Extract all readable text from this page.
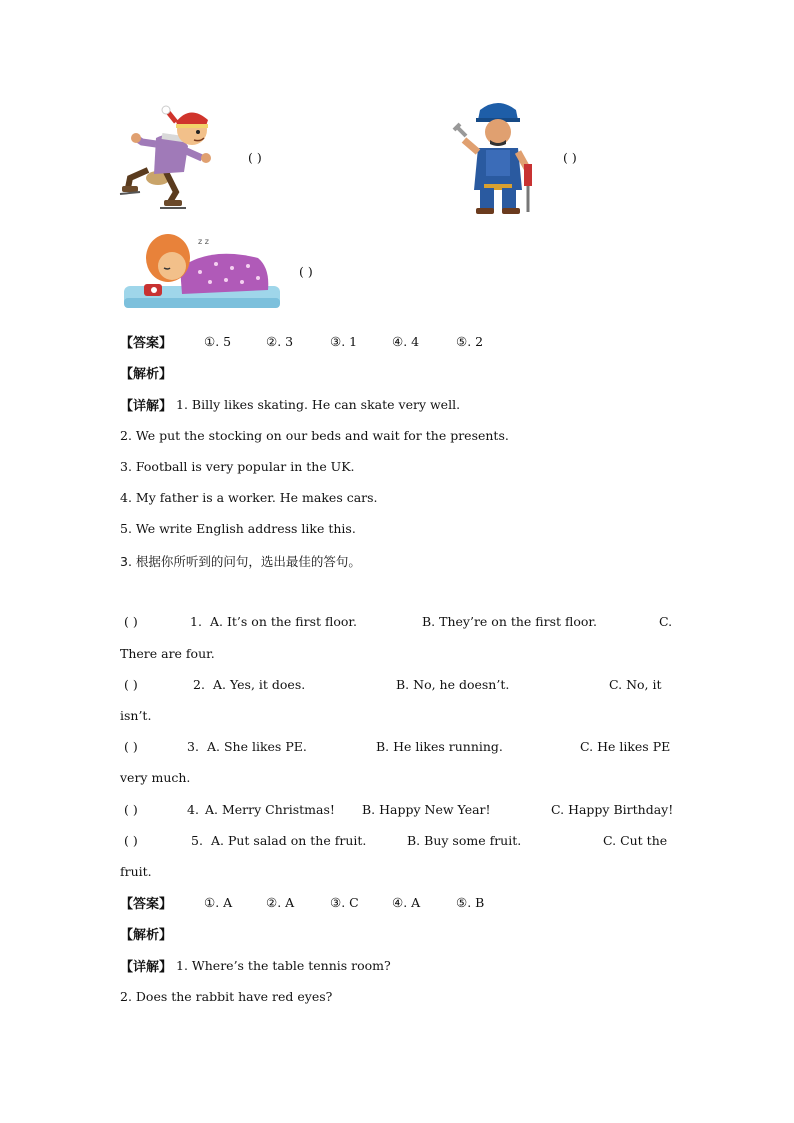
( )	( )
z z
( )
【答案】	①. 5	②. 3	③. 1	④. 4	⑤. 2
【解析】
【详解】 1. Billy likes skating. He can skate very well.
2. We put the stocking on our beds and wait for the presents.
3. Football is very popular in the UK.
4. My father is a worker. He makes cars.
5. We write English address like this.
3. 根据你所听到的问句，选出最佳的答句。
( )	1. A. It’s on the first floor.	B. They’re on the first floor.	C.
There are four.
( )	2. A. Yes, it does.	B. No, he doesn’t.	C. No, it
isn’t.
( )	3. A. She likes PE.	B. He likes running.	C. He likes PE
very much.
( )	4. A. Merry Christmas! B. Happy New Year!	C. Happy Birthday!
( )	5. A. Put salad on the fruit.	B. Buy some fruit.	C. Cut the
fruit.
【答案】	①. A	②. A	③. C	④. A	⑤. B
【解析】
【详解】 1. Where’s the table tennis room?
2. Does the rabbit have red eyes?
